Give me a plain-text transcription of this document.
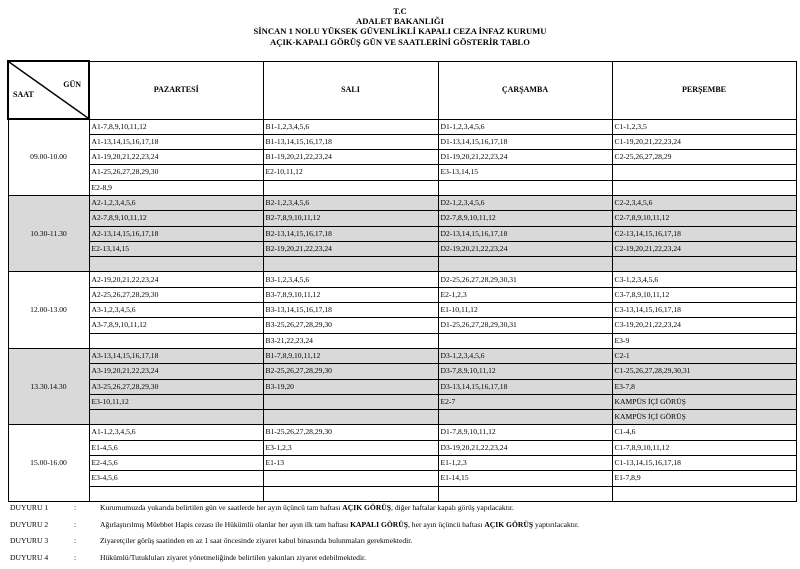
T.C
ADALET BAKANLIĞI
SİNCAN 1 NOLU YÜKSEK GÜVENLİKLİ KAPALI CEZA İNFAZ KURUMU
AÇIK-KAPALI GÖRÜŞ GÜN VE SAATLERİNİ GÖSTERİR TABLO
GÜN
SAAT	PAZARTESİ	SALI	ÇARŞAMBA	PERŞEMBE
09.00-10.00	A1-7,8,9,10,11,12	B1-1,2,3,4,5,6	D1-1,2,3,4,5,6	C1-1,2,3,5
	A1-13,14,15,16,17,18	B1-13,14,15,16,17,18	D1-13,14,15,16,17,18	C1-19,20,21,22,23,24
	A1-19,20,21,22,23,24	B1-19,20,21,22,23,24	D1-19,20,21,22,23,24	C2-25,26,27,28,29
	A1-25,26,27,28,29,30	E2-10,11,12	E3-13,14,15	
	E2-8,9			
10.30-11.30	A2-1,2,3,4,5,6	B2-1,2,3,4,5,6	D2-1,2,3,4,5,6	C2-2,3,4,5,6
	A2-7,8,9,10,11,12	B2-7,8,9,10,11,12	D2-7,8,9,10,11,12	C2-7,8,9,10,11,12
	A2-13,14,15,16,17,18	B2-13,14,15,16,17,18	D2-13,14,15,16,17,18	C2-13,14,15,16,17,18
	E2-13,14,15	B2-19,20,21,22,23,24	D2-19,20,21,22,23,24	C2-19,20,21,22,23,24

12.00-13.00	A2-19,20,21,22,23,24	B3-1,2,3,4,5,6	D2-25,26,27,28,29,30,31	C3-1,2,3,4,5,6
	A2-25,26,27,28,29,30	B3-7,8,9,10,11,12	E2-1,2,3	C3-7,8,9,10,11,12
	A3-1,2,3,4,5,6	B3-13,14,15,16,17,18	E1-10,11,12	C3-13,14,15,16,17,18
	A3-7,8,9,10,11,12	B3-25,26,27,28,29,30	D1-25,26,27,28,29,30,31	C3-19,20,21,22,23,24
		B3-21,22,23,24		E3-9
13.30.14.30	A3-13,14,15,16,17,18	B1-7,8,9,10,11,12	D3-1,2,3,4,5,6	C2-1
	A3-19,20,21,22,23,24	B2-25,26,27,28,29,30	D3-7,8,9,10,11,12	C1-25,26,27,28,29,30,31
	A3-25,26,27,28,29,30	B3-19,20	D3-13,14,15,16,17,18	E3-7,8
	E3-10,11,12		E2-7	KAMPÜS İÇİ GÖRÜŞ
				KAMPÜS İÇİ GÖRÜŞ
15.00-16.00	A1-1,2,3,4,5,6	B1-25,26,27,28,29,30	D1-7,8,9,10,11,12	C1-4,6
	E1-4,5,6	E3-1,2,3	D3-19,20,21,22,23,24	C1-7,8,9,10,11,12
	E2-4,5,6	E1-13	E1-1,2,3	C1-13,14,15,16,17,18
	E3-4,5,6		E1-14,15	E1-7,8,9

DUYURU 1	:	Kurumumuzda yukarıda belirtilen gün ve saatlerde her ayın üçüncü tam haftası AÇIK GÖRÜŞ, diğer haftalar kapalı görüş yapılacaktır.
DUYURU 2	:	Ağırlaştırılmış Müebbet Hapis cezası ile Hükümlü olanlar her ayın ilk tam haftası KAPALI GÖRÜŞ, her ayın üçüncü haftası AÇIK GÖRÜŞ yaptırılacaktır.
DUYURU 3	:	Ziyaretçiler görüş saatinden en az 1 saat öncesinde ziyaret kabul binasında bulunmaları gerekmektedir.
DUYURU 4	:	Hükümlü/Tutukluları ziyaret yönetmeliğinde belirtilen yakınları ziyaret edebilmektedir.
